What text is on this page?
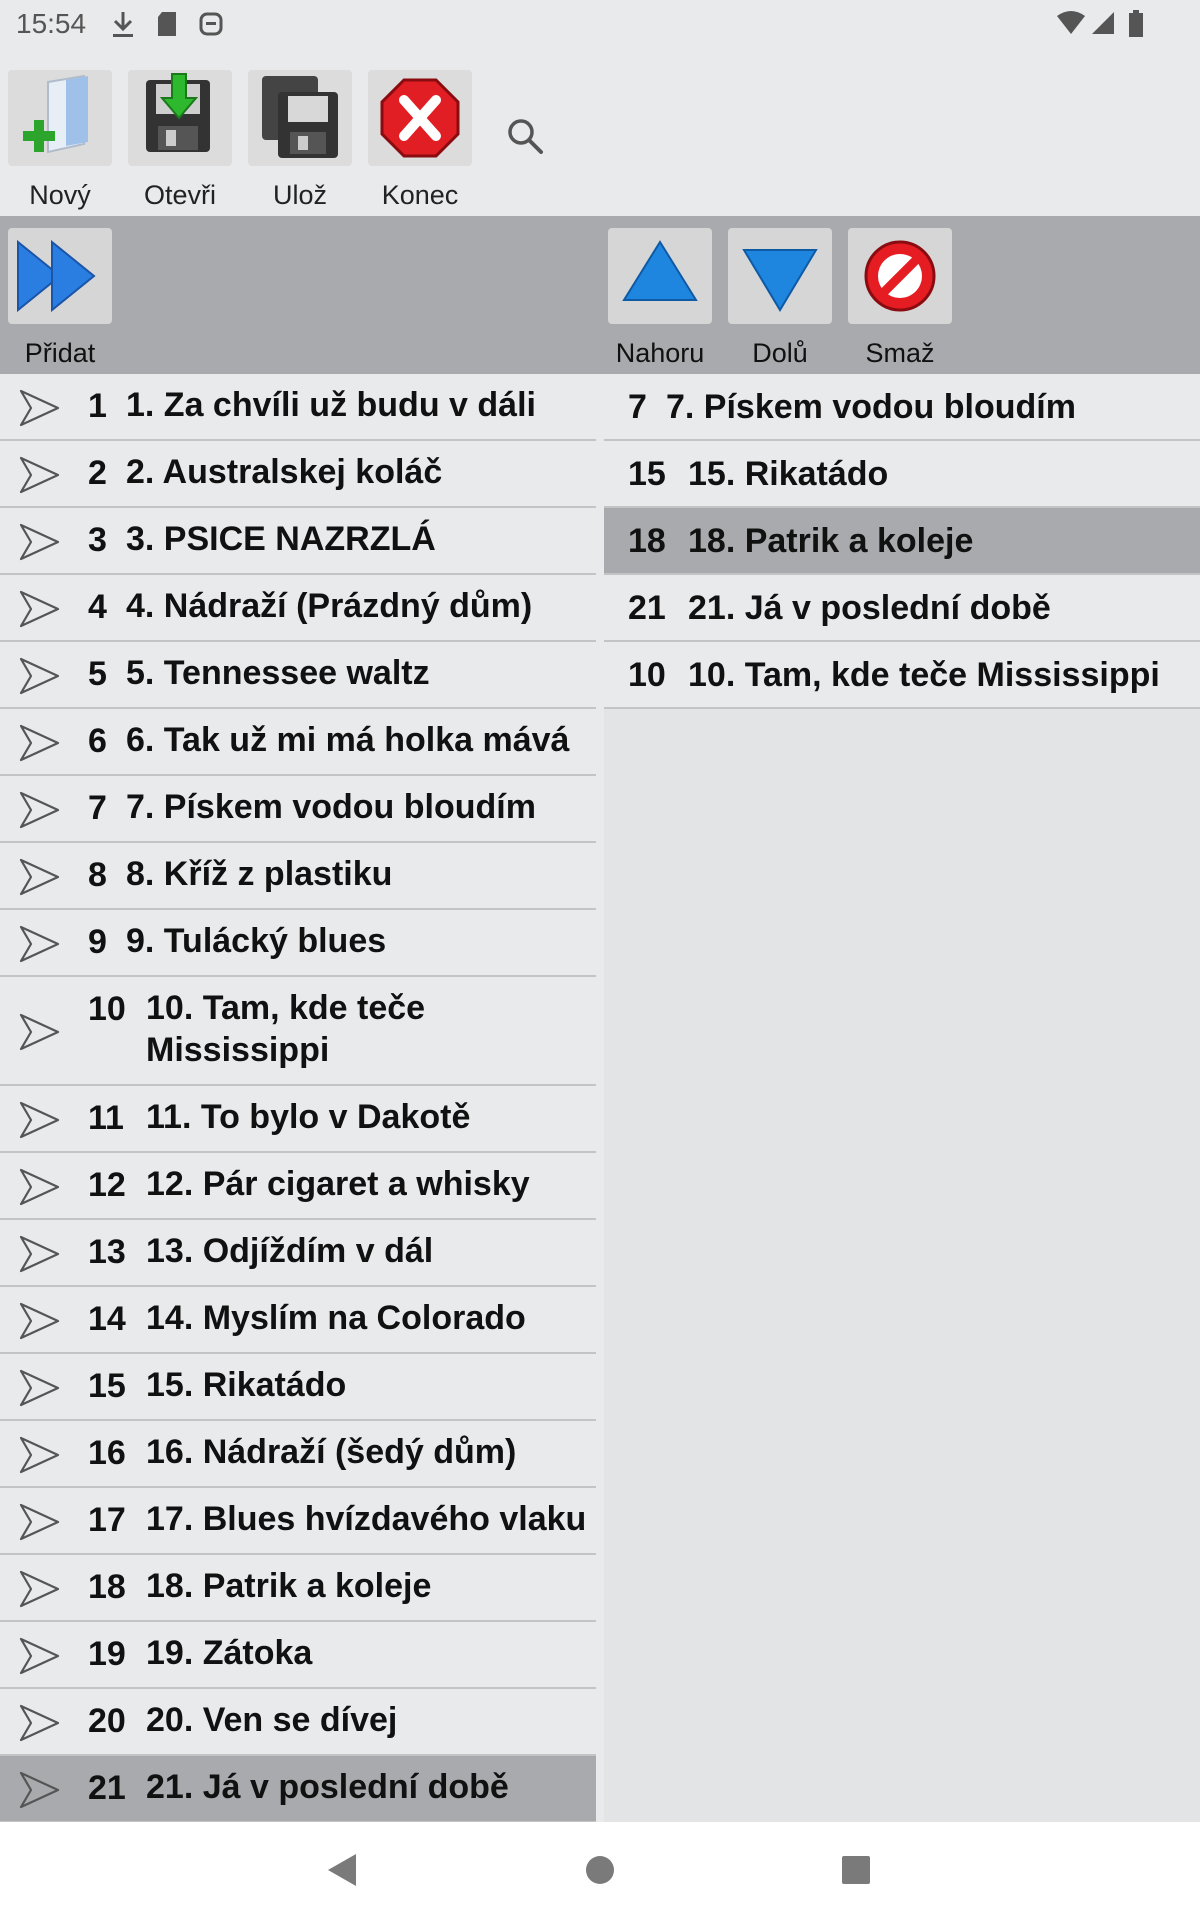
15:54
Nový	Otevři	Ulož	Konec
Přidat	Nahoru	Dolů	Smaž
1 1. Za chvíli už budu v dáli
2 2. Australskej koláč
3 3. PSICE NAZRZLÁ
4 4. Nádraží (Prázdný dům)
5 5. Tennessee waltz
6 6. Tak už mi má holka mává
7 7. Pískem vodou bloudím
8 8. Kříž z plastiku
9 9. Tulácký blues
10 10. Tam, kde teče Mississippi
11 11. To bylo v Dakotě
12 12. Pár cigaret a whisky
13 13. Odjíždím v dál
14 14. Myslím na Colorado
15 15. Rikatádo
16 16. Nádraží (šedý dům)
17 17. Blues hvízdavého vlaku
18 18. Patrik a koleje
19 19. Zátoka
20 20. Ven se dívej
21 21. Já v poslední době
7 7. Pískem vodou bloudím
15 15. Rikatádo
18 18. Patrik a koleje
21 21. Já v poslední době
10 10. Tam, kde teče Mississippi
